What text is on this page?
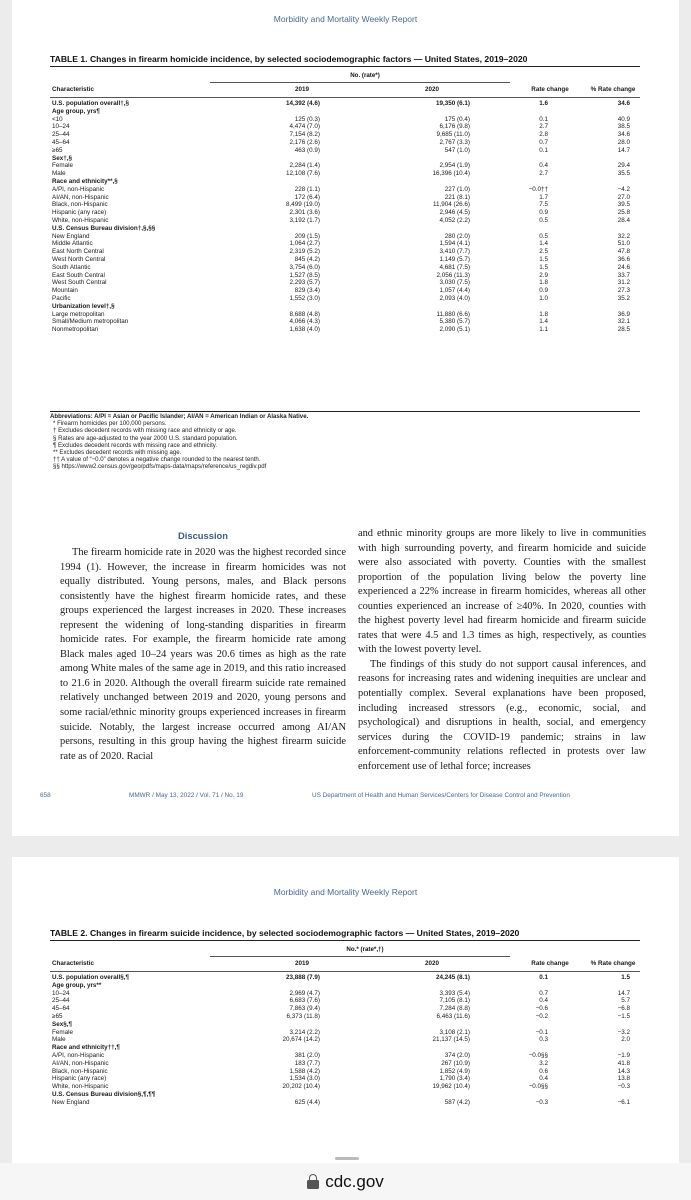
Morbidity and Mortality Weekly Report
TABLE 1. Changes in firearm homicide incidence, by selected sociodemographic factors — United States, 2019–2020
No. (rate*)
Characteristic	2019	2020	Rate change	% Rate change
U.S. population overall†,§	14,392 (4.6)	19,350 (6.1)	1.6	34.6
Age group, yrs¶
<10	125 (0.3)	175 (0.4)	0.1	40.9
10–24	4,474 (7.0)	6,176 (9.8)	2.7	38.5
25–44	7,154 (8.2)	9,685 (11.0)	2.8	34.6
45–64	2,176 (2.6)	2,767 (3.3)	0.7	28.0
≥65	463 (0.9)	547 (1.0)	0.1	14.7
Sex†,§
Female	2,284 (1.4)	2,954 (1.9)	0.4	29.4
Male	12,108 (7.6)	16,396 (10.4)	2.7	35.5
Race and ethnicity**,§
A/PI, non-Hispanic	228 (1.1)	227 (1.0)	−0.0††	−4.2
AI/AN, non-Hispanic	172 (6.4)	221 (8.1)	1.7	27.0
Black, non-Hispanic	8,499 (19.0)	11,904 (26.6)	7.5	39.5
Hispanic (any race)	2,301 (3.6)	2,946 (4.5)	0.9	25.8
White, non-Hispanic	3,192 (1.7)	4,052 (2.2)	0.5	28.4
U.S. Census Bureau division†,§,§§
New England	209 (1.5)	280 (2.0)	0.5	32.2
Middle Atlantic	1,064 (2.7)	1,594 (4.1)	1.4	51.0
East North Central	2,319 (5.2)	3,410 (7.7)	2.5	47.8
West North Central	845 (4.2)	1,149 (5.7)	1.5	36.6
South Atlantic	3,754 (6.0)	4,681 (7.5)	1.5	24.6
East South Central	1,527 (8.5)	2,056 (11.3)	2.9	33.7
West South Central	2,293 (5.7)	3,030 (7.5)	1.8	31.2
Mountain	829 (3.4)	1,057 (4.4)	0.9	27.3
Pacific	1,552 (3.0)	2,093 (4.0)	1.0	35.2
Urbanization level†,§
Large metropolitan	8,688 (4.8)	11,880 (6.6)	1.8	36.9
Small/Medium metropolitan	4,066 (4.3)	5,380 (5.7)	1.4	32.1
Nonmetropolitan	1,638 (4.0)	2,090 (5.1)	1.1	28.5
Abbreviations: A/PI = Asian or Pacific Islander; AI/AN = American Indian or Alaska Native.
* Firearm homicides per 100,000 persons.
† Excludes decedent records with missing race and ethnicity or age.
§ Rates are age-adjusted to the year 2000 U.S. standard population.
¶ Excludes decedent records with missing race and ethnicity.
** Excludes decedent records with missing age.
†† A value of “−0.0” denotes a negative change rounded to the nearest tenth.
§§ https://www2.census.gov/geo/pdfs/maps-data/maps/reference/us_regdiv.pdf
Discussion

The firearm homicide rate in 2020 was the highest recorded since 1994 (1). However, the increase in firearm homicides was not equally distributed. Young persons, males, and Black persons consistently have the highest firearm homicide rates, and these groups experienced the largest increases in 2020. These increases represent the widening of long-standing disparities in firearm homicide rates. For example, the firearm homicide rate among Black males aged 10–24 years was 20.6 times as high as the rate among White males of the same age in 2019, and this ratio increased to 21.6 in 2020. Although the overall firearm suicide rate remained relatively unchanged between 2019 and 2020, young persons and some racial/ethnic minority groups experienced increases in firearm suicide. Notably, the largest increase occurred among AI/AN persons, resulting in this group having the highest firearm suicide rate as of 2020. Racial

and ethnic minority groups are more likely to live in communities with high surrounding poverty, and firearm homicide and suicide were also associated with poverty. Counties with the smallest proportion of the population living below the poverty line experienced a 22% increase in firearm homicides, whereas all other counties experienced an increase of ≥40%. In 2020, counties with the highest poverty level had firearm homicide and firearm suicide rates that were 4.5 and 1.3 times as high, respectively, as counties with the lowest poverty level.

The findings of this study do not support causal inferences, and reasons for increasing rates and widening inequities are unclear and potentially complex. Several explanations have been proposed, including increased stressors (e.g., economic, social, and psychological) and disruptions in health, social, and emergency services during the COVID-19 pandemic; strains in law enforcement-community relations reflected in protests over law enforcement use of lethal force; increases

658	MMWR / May 13, 2022 / Vol. 71 / No. 19	US Department of Health and Human Services/Centers for Disease Control and Prevention
Morbidity and Mortality Weekly Report
TABLE 2. Changes in firearm suicide incidence, by selected sociodemographic factors — United States, 2019–2020
No.* (rate*,†)
Characteristic	2019	2020	Rate change	% Rate change
U.S. population overall§,¶	23,888 (7.9)	24,245 (8.1)	0.1	1.5
Age group, yrs**
10–24	2,969 (4.7)	3,393 (5.4)	0.7	14.7
25–44	6,683 (7.6)	7,105 (8.1)	0.4	5.7
45–64	7,863 (9.4)	7,284 (8.8)	−0.6	−6.8
≥65	6,373 (11.8)	6,463 (11.6)	−0.2	−1.5
Sex§,¶
Female	3,214 (2.2)	3,108 (2.1)	−0.1	−3.2
Male	20,674 (14.2)	21,137 (14.5)	0.3	2.0
Race and ethnicity††,¶
A/PI, non-Hispanic	381 (2.0)	374 (2.0)	−0.0§§	−1.9
AI/AN, non-Hispanic	183 (7.7)	267 (10.9)	3.2	41.8
Black, non-Hispanic	1,588 (4.2)	1,852 (4.9)	0.6	14.3
Hispanic (any race)	1,534 (3.0)	1,790 (3.4)	0.4	13.8
White, non-Hispanic	20,202 (10.4)	19,962 (10.4)	−0.0§§	−0.3
U.S. Census Bureau division§,¶,¶¶
New England	625 (4.4)	587 (4.2)	−0.3	−6.1
cdc.gov
